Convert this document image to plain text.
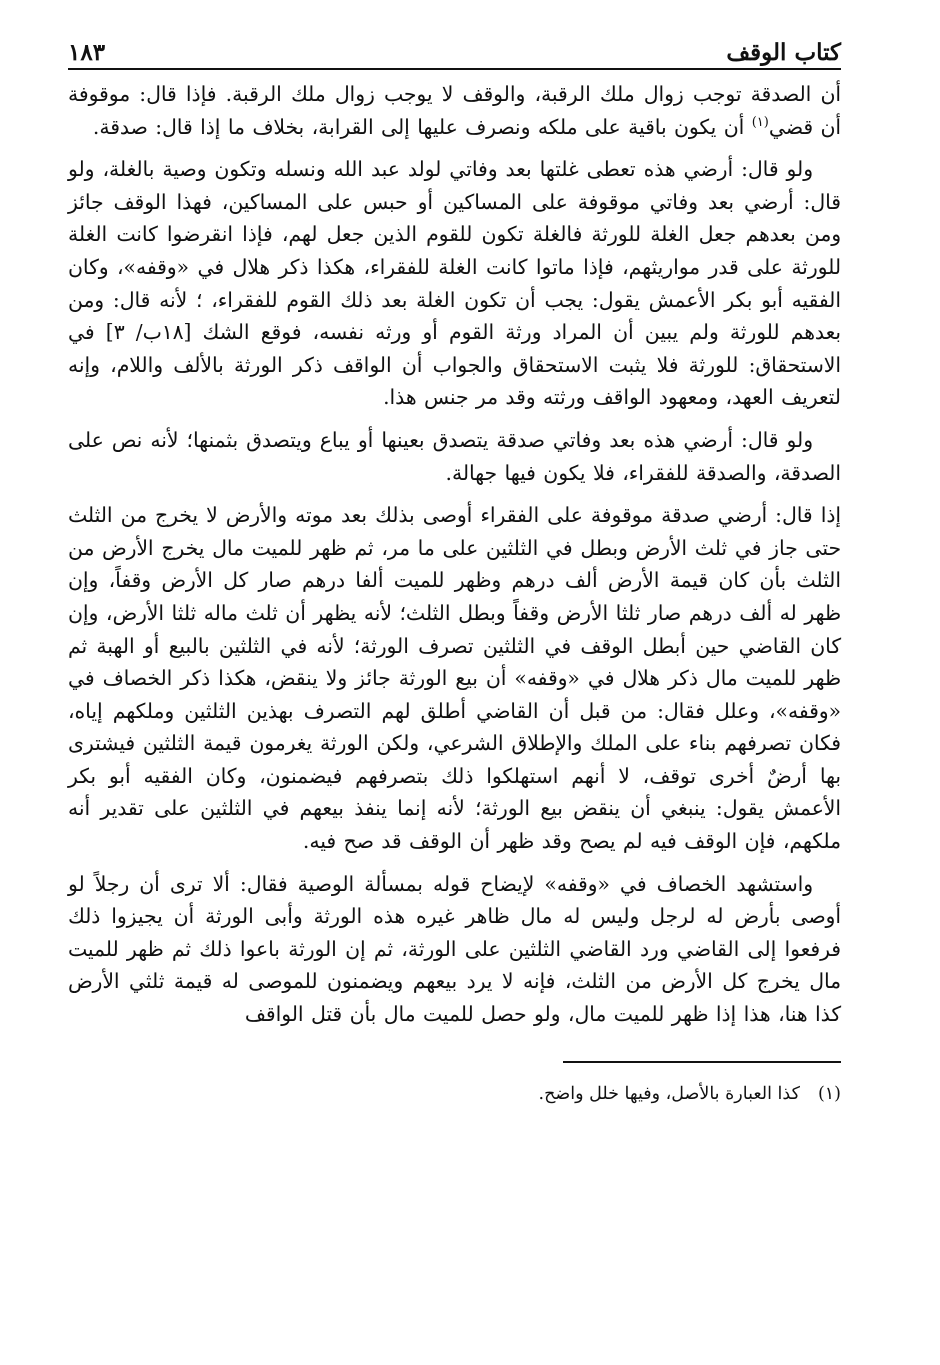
كتاب الوقف
١٨٣

أن الصدقة توجب زوال ملك الرقبة، والوقف لا يوجب زوال ملك الرقبة. فإذا قال: موقوفة أن قضي$^{(١)}$ أن يكون باقية على ملكه ونصرف عليها إلى القرابة، بخلاف ما إذا قال: صدقة.

ولو قال: أرضي هذه تعطى غلتها بعد وفاتي لولد عبد الله ونسله وتكون وصية بالغلة، ولو قال: أرضي بعد وفاتي موقوفة على المساكين أو حبس على المساكين، فهذا الوقف جائز ومن بعدهم جعل الغلة للورثة فالغلة تكون للقوم الذين جعل لهم، فإذا انقرضوا كانت الغلة للورثة على قدر مواريثهم، فإذا ماتوا كانت الغلة للفقراء، هكذا ذكر هلال في «وقفه»، وكان الفقيه أبو بكر الأعمش يقول: يجب أن تكون الغلة بعد ذلك القوم للفقراء، ؛ لأنه قال: ومن بعدهم للورثة ولم يبين أن المراد ورثة القوم أو ورثه نفسه، فوقع الشك [١٨ب/ ٣] في الاستحقاق: للورثة فلا يثبت الاستحقاق والجواب أن الواقف ذكر الورثة بالألف واللام، وإنه لتعريف العهد، ومعهود الواقف ورثته وقد مر جنس هذا.

ولو قال: أرضي هذه بعد وفاتي صدقة يتصدق بعينها أو يباع ويتصدق بثمنها؛ لأنه نص على الصدقة، والصدقة للفقراء، فلا يكون فيها جهالة.

إذا قال: أرضي صدقة موقوفة على الفقراء أوصى بذلك بعد موته والأرض لا يخرج من الثلث حتى جاز في ثلث الأرض وبطل في الثلثين على ما مر، ثم ظهر للميت مال يخرج الأرض من الثلث بأن كان قيمة الأرض ألف درهم وظهر للميت ألفا درهم صار كل الأرض وقفاً، وإن ظهر له ألف درهم صار ثلثا الأرض وقفاً وبطل الثلث؛ لأنه يظهر أن ثلث ماله ثلثا الأرض، وإن كان القاضي حين أبطل الوقف في الثلثين تصرف الورثة؛ لأنه في الثلثين بالبيع أو الهبة ثم ظهر للميت مال ذكر هلال في «وقفه» أن بيع الورثة جائز ولا ينقض، هكذا ذكر الخصاف في «وقفه»، وعلل فقال: من قبل أن القاضي أطلق لهم التصرف بهذين الثلثين وملكهم إياه، فكان تصرفهم بناء على الملك والإطلاق الشرعي، ولكن الورثة يغرمون قيمة الثلثين فيشترى بها أرضٌ أخرى توقف، لا أنهم استهلكوا ذلك بتصرفهم فيضمنون، وكان الفقيه أبو بكر الأعمش يقول: ينبغي أن ينقض بيع الورثة؛ لأنه إنما ينفذ بيعهم في الثلثين على تقدير أنه ملكهم، فإن الوقف فيه لم يصح وقد ظهر أن الوقف قد صح فيه.

واستشهد الخصاف في «وقفه» لإيضاح قوله بمسألة الوصية فقال: ألا ترى أن رجلاً لو أوصى بأرض له لرجل وليس له مال ظاهر غيره هذه الورثة وأبى الورثة أن يجيزوا ذلك فرفعوا إلى القاضي ورد القاضي الثلثين على الورثة، ثم إن الورثة باعوا ذلك ثم ظهر للميت مال يخرج كل الأرض من الثلث، فإنه لا يرد بيعهم ويضمنون للموصى له قيمة ثلثي الأرض كذا هنا، هذا إذا ظهر للميت مال، ولو حصل للميت مال بأن قتل الواقف

(١)كذا العبارة بالأصل، وفيها خلل واضح.
